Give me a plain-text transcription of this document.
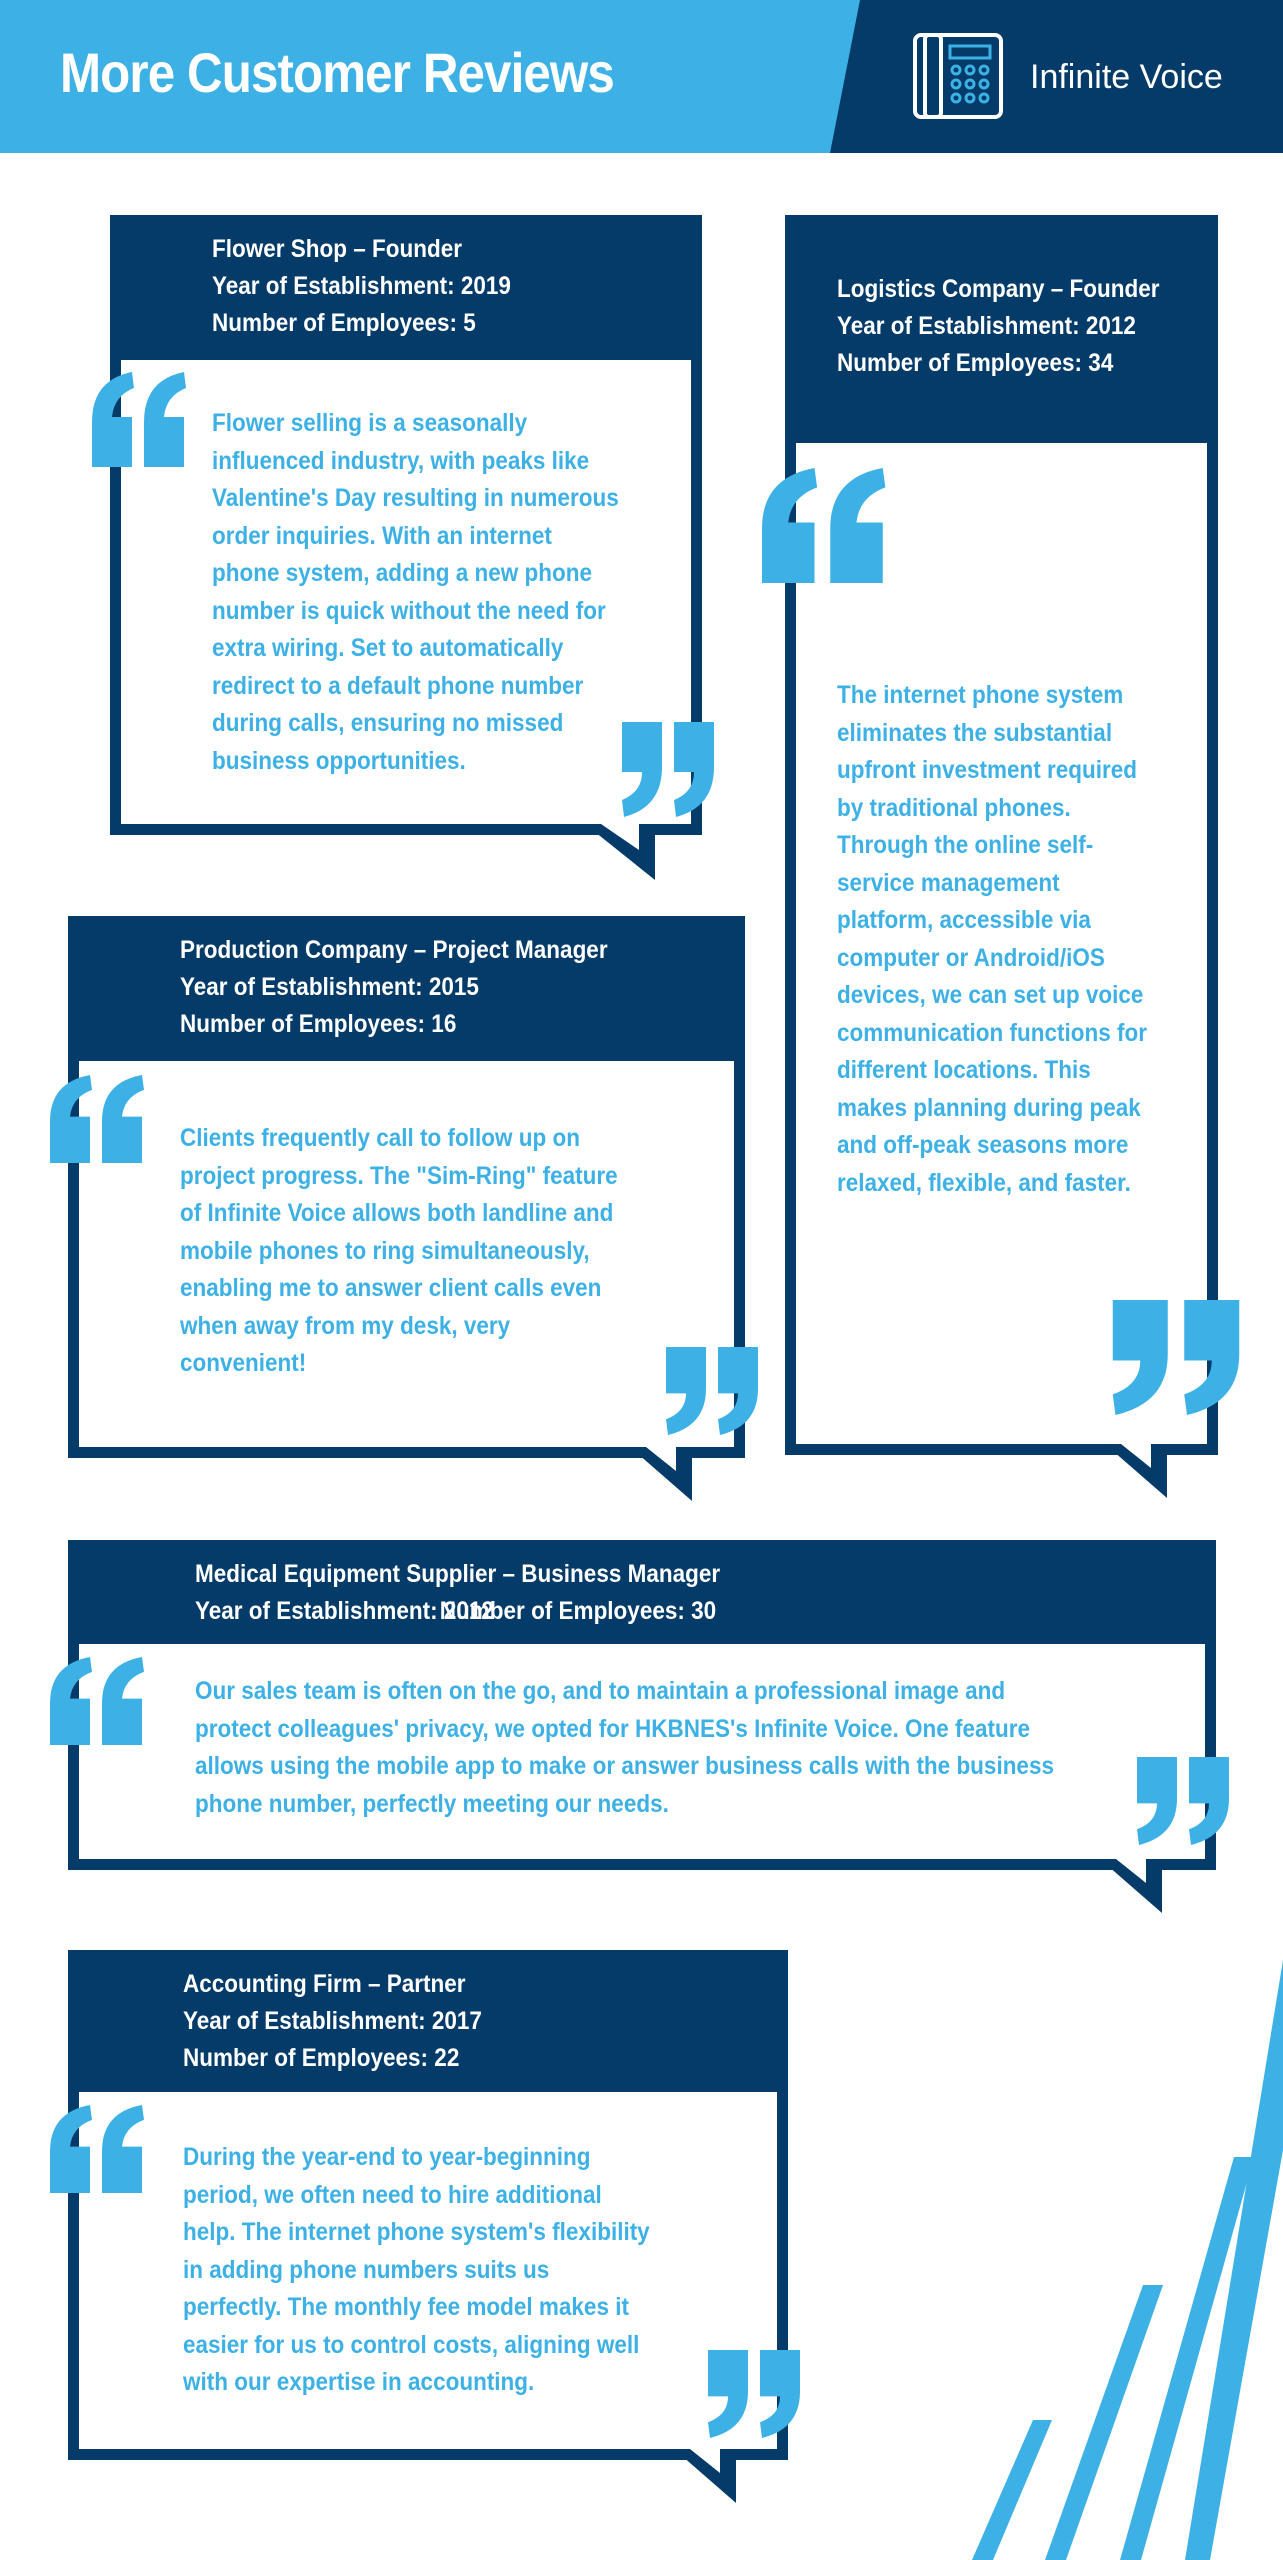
More Customer Reviews	Infinite Voice
Flower Shop – Founder
Year of Establishment: 2019
Number of Employees: 5
Flower selling is a seasonally influenced industry, with peaks like Valentine's Day resulting in numerous order inquiries. With an internet phone system, adding a new phone number is quick without the need for extra wiring. Set to automatically redirect to a default phone number during calls, ensuring no missed business opportunities.
Logistics Company – Founder
Year of Establishment: 2012
Number of Employees: 34
The internet phone system eliminates the substantial upfront investment required by traditional phones. Through the online self-service management platform, accessible via computer or Android/iOS devices, we can set up voice communication functions for different locations. This makes planning during peak and off-peak seasons more relaxed, flexible, and faster.
Production Company – Project Manager
Year of Establishment: 2015
Number of Employees: 16
Clients frequently call to follow up on project progress. The "Sim-Ring" feature of Infinite Voice allows both landline and mobile phones to ring simultaneously, enabling me to answer client calls even when away from my desk, very convenient!
Medical Equipment Supplier – Business Manager
Year of Establishment: 2012
Number of Employees: 30
Our sales team is often on the go, and to maintain a professional image and protect colleagues' privacy, we opted for HKBNES's Infinite Voice. One feature allows using the mobile app to make or answer business calls with the business phone number, perfectly meeting our needs.
Accounting Firm – Partner
Year of Establishment: 2017
Number of Employees: 22
During the year-end to year-beginning period, we often need to hire additional help. The internet phone system's flexibility in adding phone numbers suits us perfectly. The monthly fee model makes it easier for us to control costs, aligning well with our expertise in accounting.
